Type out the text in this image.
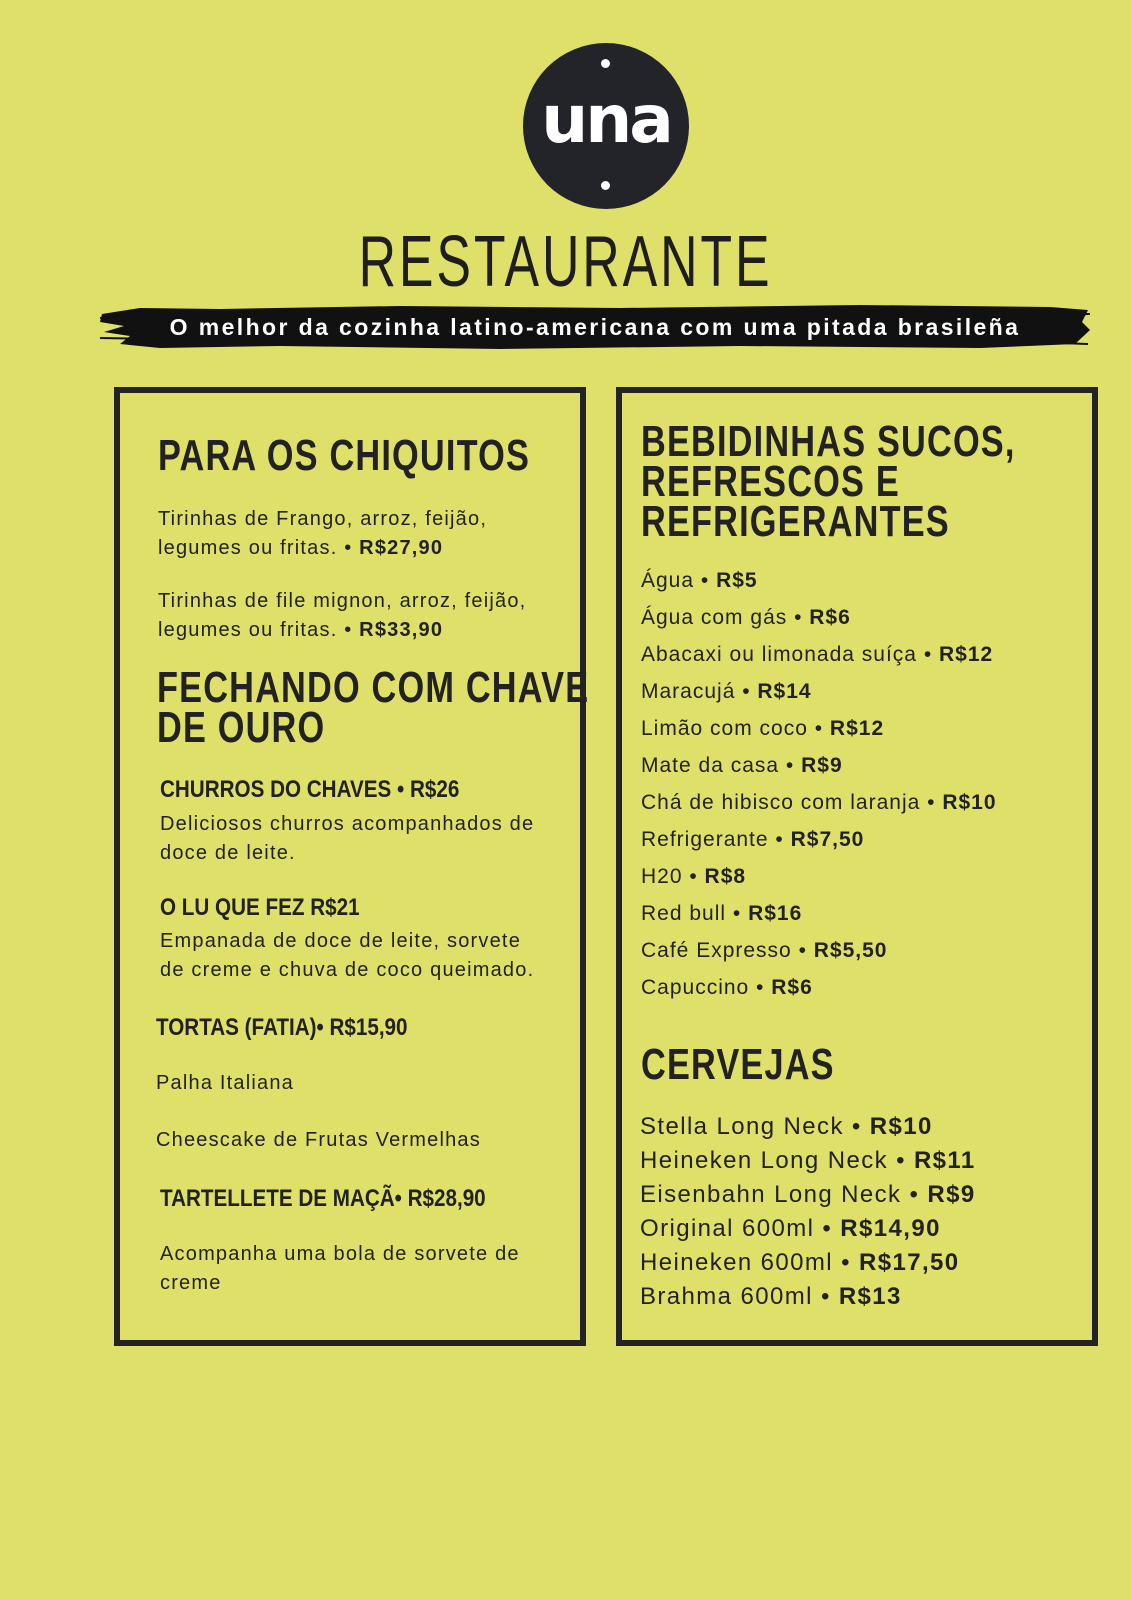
una
RESTAURANTE
O melhor da cozinha latino-americana com uma pitada brasileña
PARA OS CHIQUITOS
Tirinhas de Frango, arroz, feijão,
legumes ou fritas. • R$27,90
Tirinhas de file mignon, arroz, feijão,
legumes ou fritas. • R$33,90
FECHANDO COM CHAVE
DE OURO
CHURROS DO CHAVES • R$26
Deliciosos churros acompanhados de
doce de leite.
O LU QUE FEZ R$21
Empanada de doce de leite, sorvete
de creme e chuva de coco queimado.
TORTAS (FATIA)• R$15,90
Palha Italiana
Cheescake de Frutas Vermelhas
TARTELLETE DE MAÇÃ• R$28,90
Acompanha uma bola de sorvete de
creme
BEBIDINHAS SUCOS,
REFRESCOS E
REFRIGERANTES
Água • R$5
Água com gás • R$6
Abacaxi ou limonada suíça • R$12
Maracujá • R$14
Limão com coco • R$12
Mate da casa • R$9
Chá de hibisco com laranja • R$10
Refrigerante • R$7,50
H20 • R$8
Red bull • R$16
Café Expresso • R$5,50
Capuccino • R$6
CERVEJAS
Stella Long Neck • R$10
Heineken Long Neck • R$11
Eisenbahn Long Neck • R$9
Original 600ml • R$14,90
Heineken 600ml • R$17,50
Brahma 600ml • R$13
